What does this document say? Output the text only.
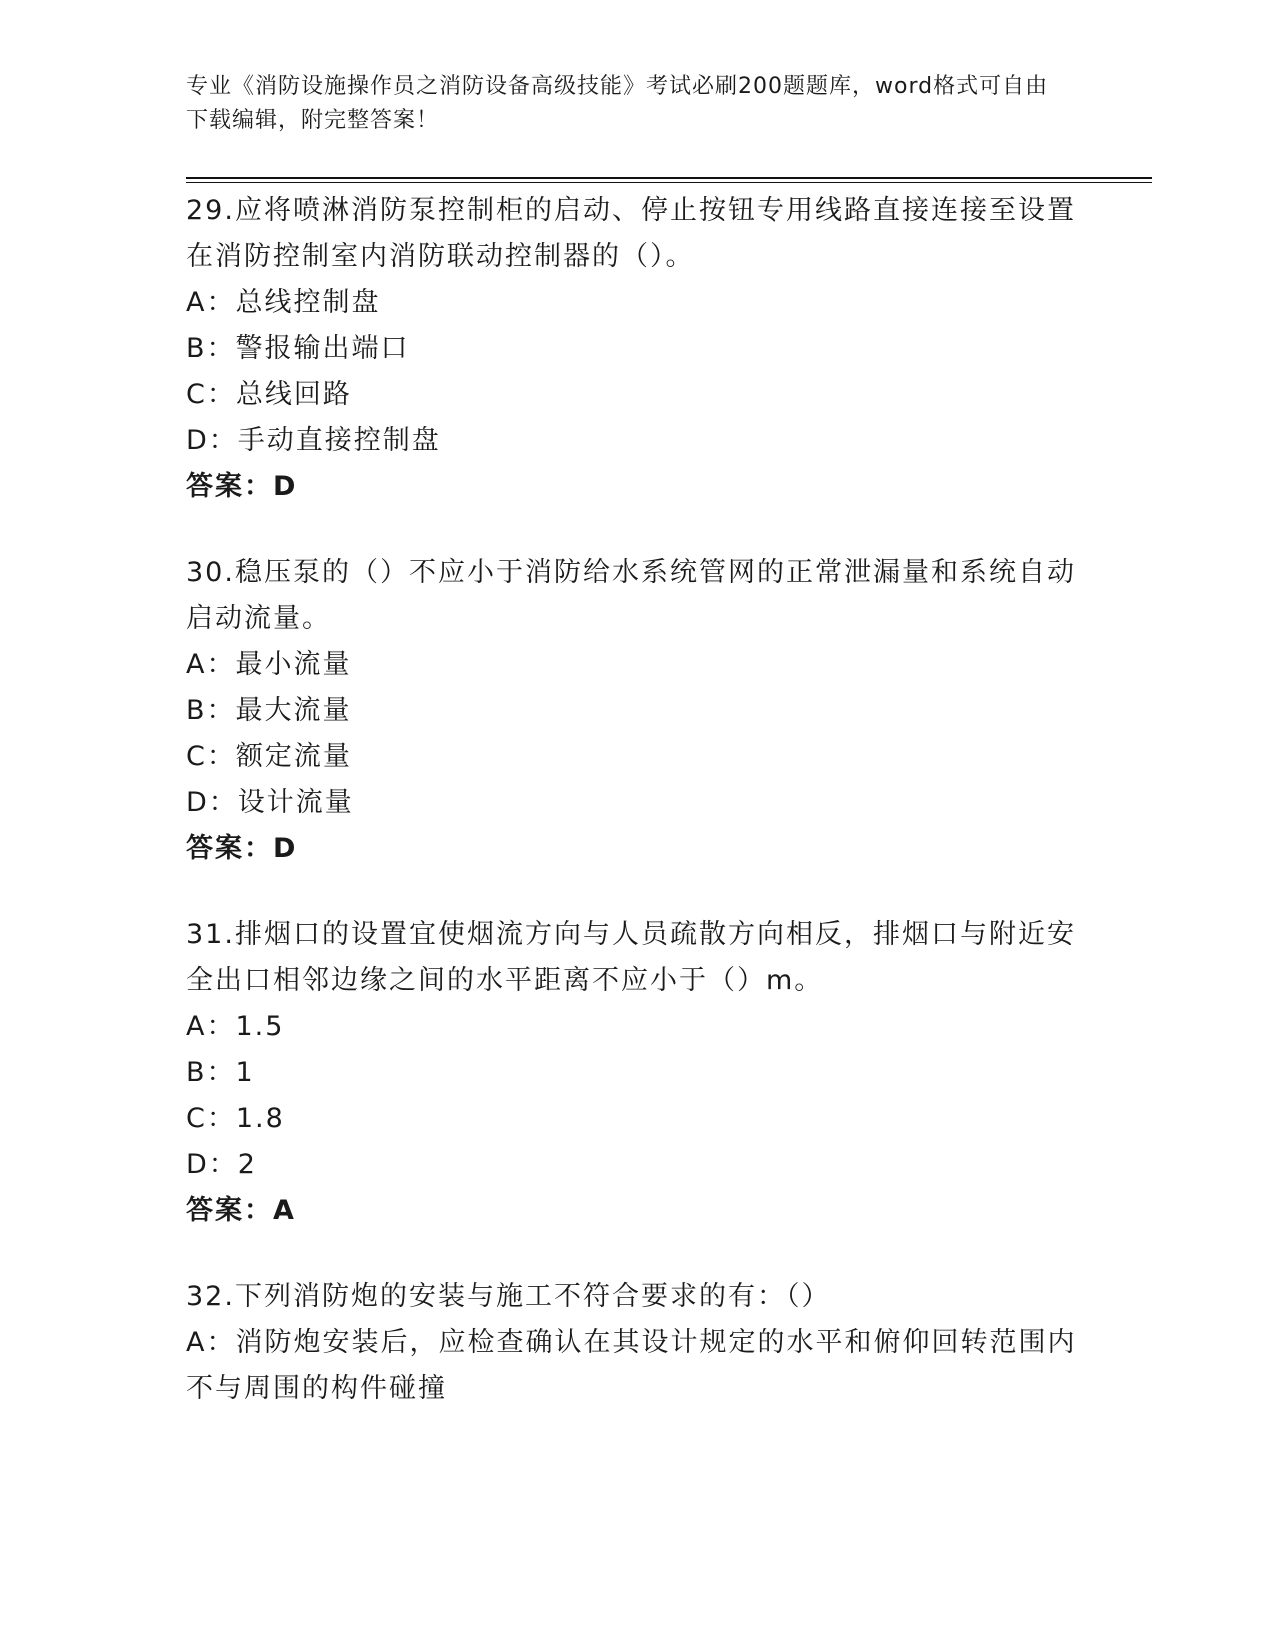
专业《消防设施操作员之消防设备高级技能》考试必刷200题题库，word格式可自由下载编辑，附完整答案！

29.应将喷淋消防泵控制柜的启动、停止按钮专用线路直接连接至设置在消防控制室内消防联动控制器的（）。

A：总线控制盘

B：警报输出端口

C：总线回路

D：手动直接控制盘

答案：D

30.稳压泵的（）不应小于消防给水系统管网的正常泄漏量和系统自动启动流量。

A：最小流量

B：最大流量

C：额定流量

D：设计流量

答案：D

31.排烟口的设置宜使烟流方向与人员疏散方向相反，排烟口与附近安全出口相邻边缘之间的水平距离不应小于（）m。

A：1.5

B：1

C：1.8

D：2

答案：A

32.下列消防炮的安装与施工不符合要求的有：（）

A：消防炮安装后，应检查确认在其设计规定的水平和俯仰回转范围内不与周围的构件碰撞
